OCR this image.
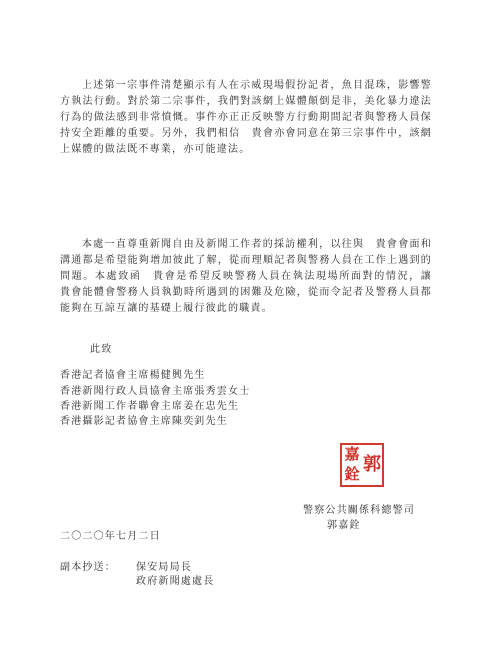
上述第一宗事件清楚顯示有人在示威現場假扮記者，魚目混珠，影響警方執法行動。對於第二宗事件，我們對該網上媒體顛倒是非，美化暴力違法行為的做法感到非常憤慨。事件亦正正反映警方行動期間記者與警務人員保持安全距離的重要。另外，我們相信　貴會亦會同意在第三宗事件中，該網上媒體的做法既不專業，亦可能違法。

本處一直尊重新聞自由及新聞工作者的採訪權利，以往與　貴會會面和溝通都是希望能夠增加彼此了解，從而理順記者與警務人員在工作上遇到的問題。本處致函　貴會是希望反映警務人員在執法現場所面對的情況，讓　貴會能體會警務人員執勤時所遇到的困難及危險，從而令記者及警務人員都能夠在互諒互讓的基礎上履行彼此的職責。

此致
香港記者協會主席楊健興先生
香港新聞行政人員協會主席張秀雲女士
香港新聞工作者聯會主席姜在忠先生
香港攝影記者協會主席陳奕釗先生
郭
嘉
銓
警察公共關係科總警司
郭嘉銓
二〇二〇年七月二日
副本抄送： 保安局局長
政府新聞處處長
